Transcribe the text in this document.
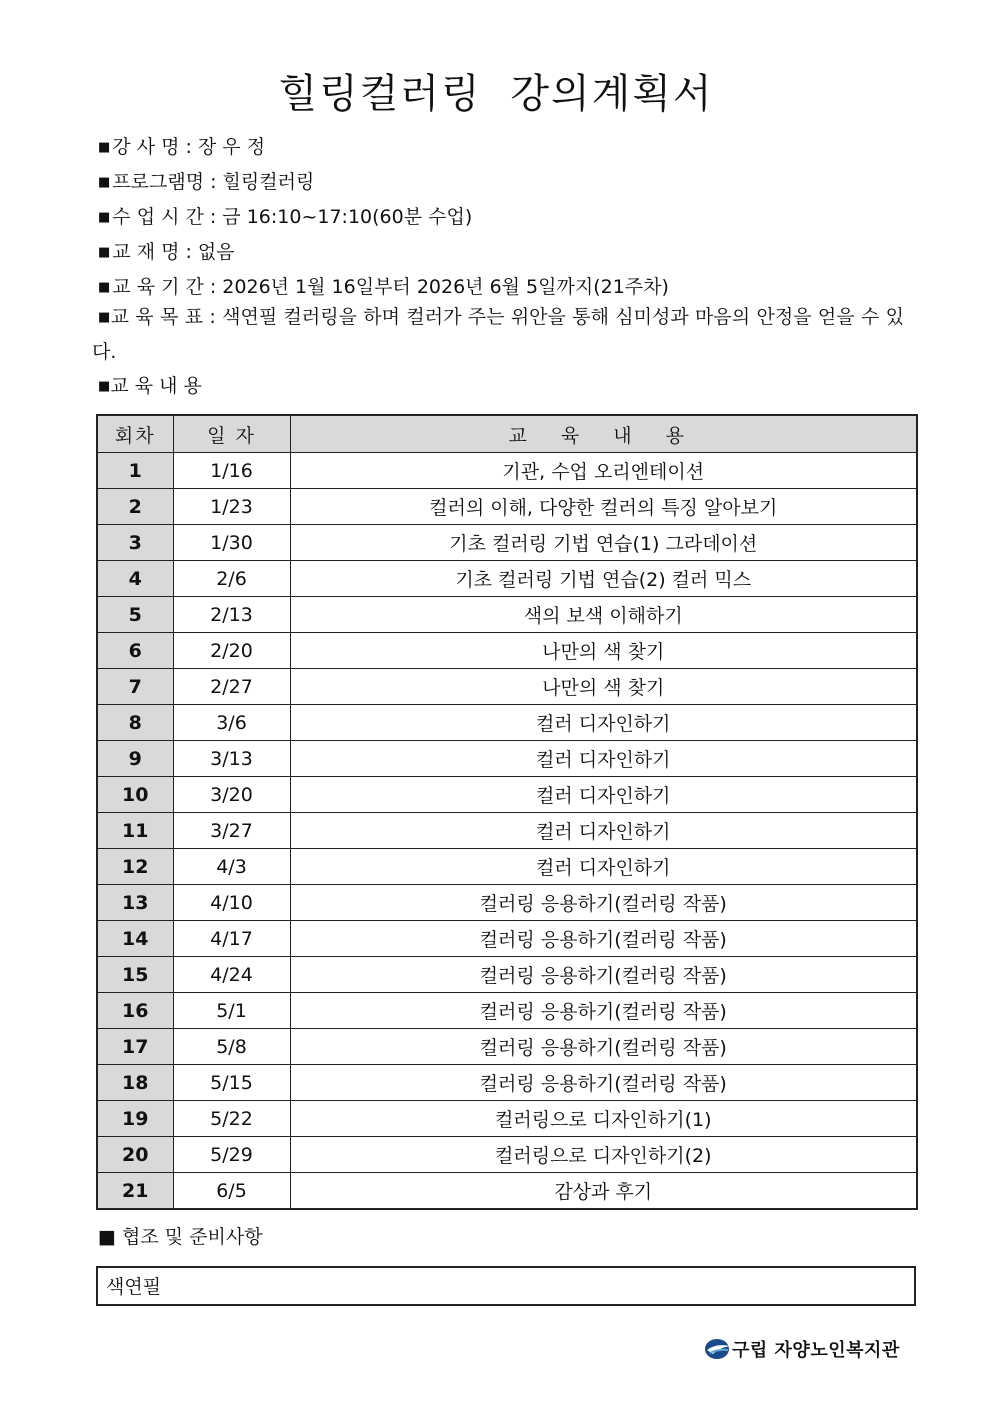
힐링컬러링 강의계획서
■ 강 사 명 : 장 우 정
■ 프로그램명 : 힐링컬러링
■ 수 업 시 간 : 금 16:10~17:10(60분 수업)
■ 교 재 명 : 없음
■ 교 육 기 간 : 2026년 1월 16일부터 2026년 6월 5일까지(21주차)
■교 육 목 표 : 색연필 컬러링을 하며 컬러가 주는 위안을 통해 심미성과 마음의 안정을 얻을 수 있다.
■교 육 내 용
회차	일 자	교 육 내 용
1	1/16	기관, 수업 오리엔테이션
2	1/23	컬러의 이해, 다양한 컬러의 특징 알아보기
3	1/30	기초 컬러링 기법 연습(1) 그라데이션
4	2/6	기초 컬러링 기법 연습(2) 컬러 믹스
5	2/13	색의 보색 이해하기
6	2/20	나만의 색 찾기
7	2/27	나만의 색 찾기
8	3/6	컬러 디자인하기
9	3/13	컬러 디자인하기
10	3/20	컬러 디자인하기
11	3/27	컬러 디자인하기
12	4/3	컬러 디자인하기
13	4/10	컬러링 응용하기(컬러링 작품)
14	4/17	컬러링 응용하기(컬러링 작품)
15	4/24	컬러링 응용하기(컬러링 작품)
16	5/1	컬러링 응용하기(컬러링 작품)
17	5/8	컬러링 응용하기(컬러링 작품)
18	5/15	컬러링 응용하기(컬러링 작품)
19	5/22	컬러링으로 디자인하기(1)
20	5/29	컬러링으로 디자인하기(2)
21	6/5	감상과 후기
■ 협조 및 준비사항
색연필
구립 자양노인복지관
